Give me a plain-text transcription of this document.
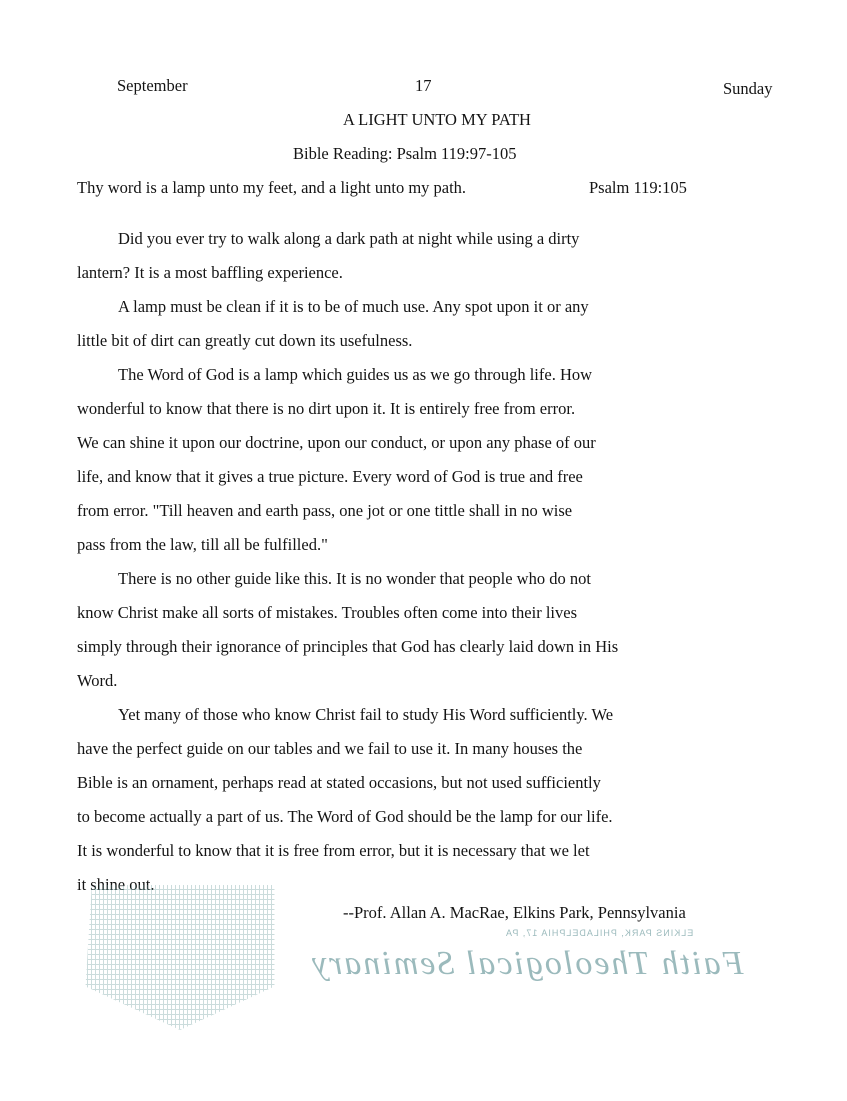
September	17	Sunday
A LIGHT UNTO MY PATH
Bible Reading: Psalm 119:97-105
Thy word is a lamp unto my feet, and a light unto my path.	Psalm 119:105
Did you ever try to walk along a dark path at night while using a dirty
lantern? It is a most baffling experience.
A lamp must be clean if it is to be of much use. Any spot upon it or any
little bit of dirt can greatly cut down its usefulness.
The Word of God is a lamp which guides us as we go through life. How
wonderful to know that there is no dirt upon it. It is entirely free from error.
We can shine it upon our doctrine, upon our conduct, or upon any phase of our
life, and know that it gives a true picture. Every word of God is true and free
from error. "Till heaven and earth pass, one jot or one tittle shall in no wise
pass from the law, till all be fulfilled."
There is no other guide like this. It is no wonder that people who do not
know Christ make all sorts of mistakes. Troubles often come into their lives
simply through their ignorance of principles that God has clearly laid down in His
Word.
Yet many of those who know Christ fail to study His Word sufficiently. We
have the perfect guide on our tables and we fail to use it. In many houses the
Bible is an ornament, perhaps read at stated occasions, but not used sufficiently
to become actually a part of us. The Word of God should be the lamp for our life.
It is wonderful to know that it is free from error, but it is necessary that we let
it shine out.
--Prof. Allan A. MacRae, Elkins Park, Pennsylvania
ELKINS PARK, PHILADELPHIA 17, PA
Faith Theological Seminary
